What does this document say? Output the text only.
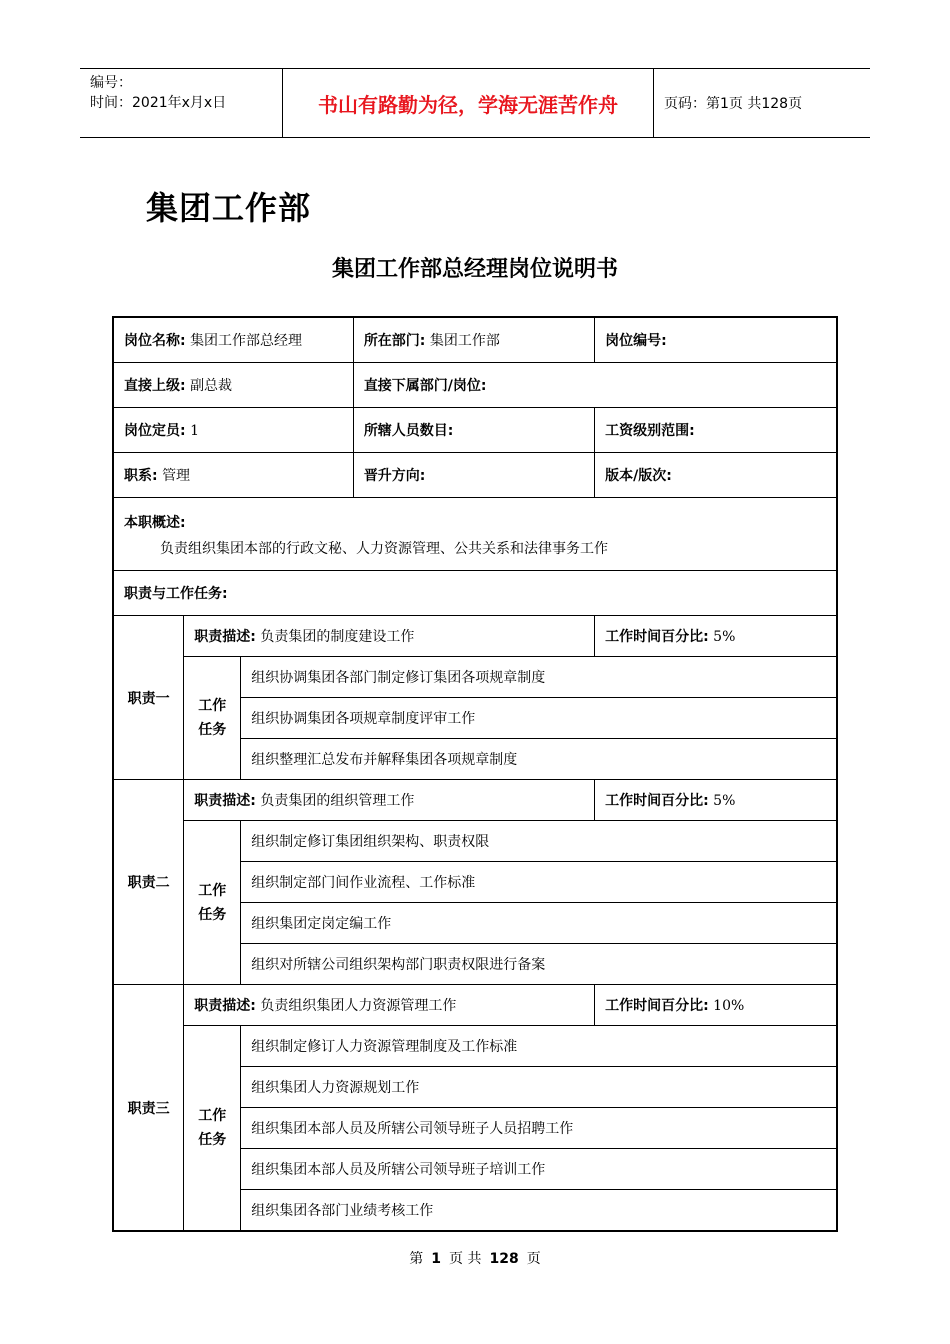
编号：
时间：2021年x月x日	书山有路勤为径，学海无涯苦作舟	页码：第1页 共128页
集团工作部
集团工作部总经理岗位说明书
岗位名称: 集团工作部总经理			所在部门: 集团工作部	岗位编号:
直接上级: 副总裁			直接下属部门/岗位:	
岗位定员: 1			所辖人员数目:	工资级别范围:
职系: 管理			晋升方向:	版本/版次:

本职概述:
负责组织集团本部的行政文秘、人力资源管理、公共关系和法律事务工作				

职责与工作任务:				
职责一	职责描述: 负责集团的制度建设工作			工作时间百分比: 5%
	工作任务	组织协调集团各部门制定修订集团各项规章制度		
		组织协调集团各项规章制度评审工作		
		组织整理汇总发布并解释集团各项规章制度		
职责二	职责描述: 负责集团的组织管理工作			工作时间百分比: 5%
	工作任务	组织制定修订集团组织架构、职责权限		
		组织制定部门间作业流程、工作标准		
		组织集团定岗定编工作		
		组织对所辖公司组织架构部门职责权限进行备案		
职责三	职责描述: 负责组织集团人力资源管理工作			工作时间百分比: 10%
	工作任务	组织制定修订人力资源管理制度及工作标准		
		组织集团人力资源规划工作		
		组织集团本部人员及所辖公司领导班子人员招聘工作		
		组织集团本部人员及所辖公司领导班子培训工作		
		组织集团各部门业绩考核工作		
第 1 页 共 128 页
